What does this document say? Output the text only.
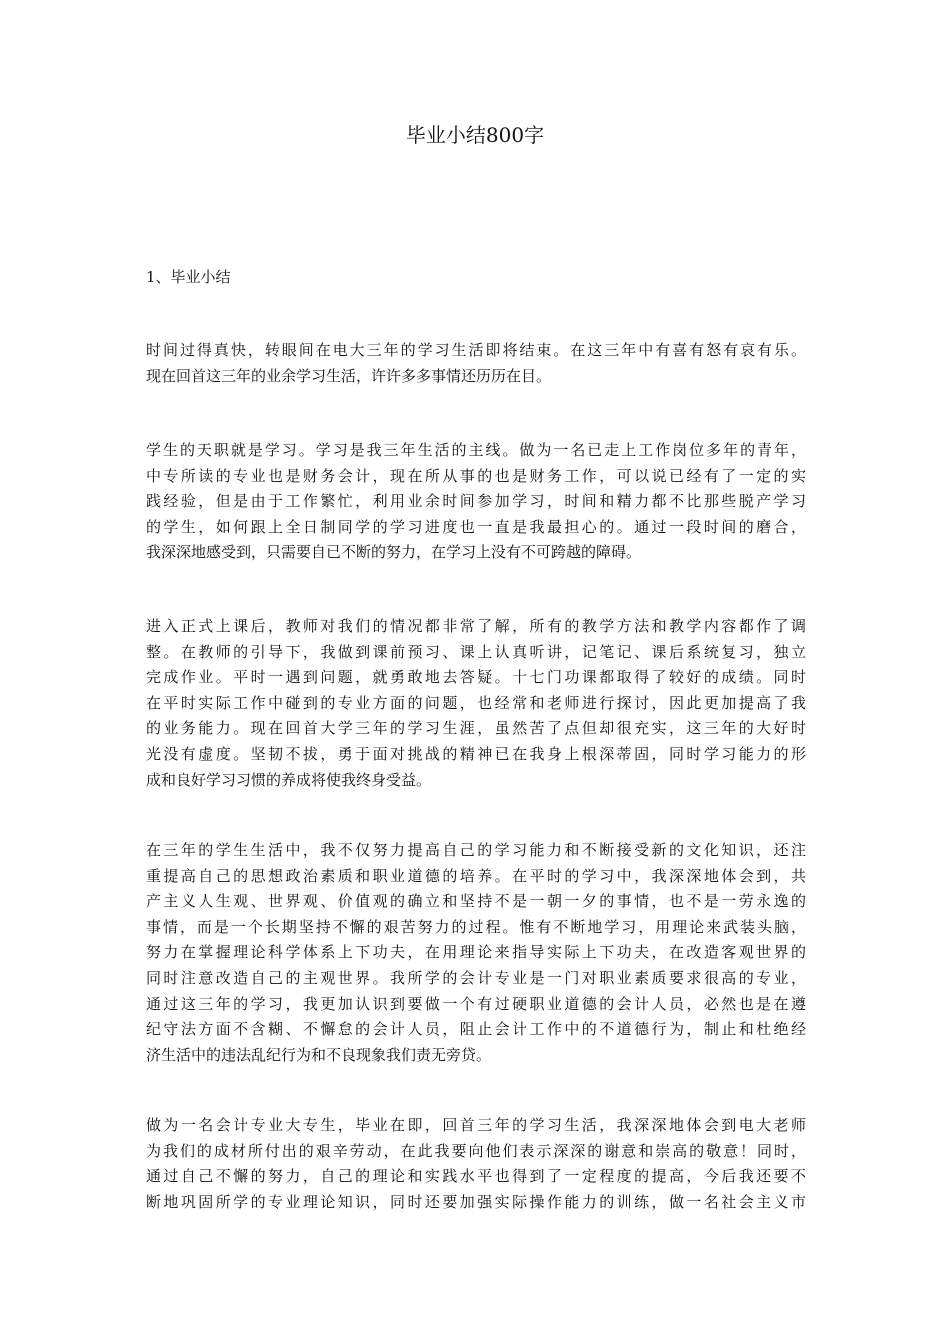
毕业小结800字
1、毕业小结
时间过得真快，转眼间在电大三年的学习生活即将结束。在这三年中有喜有怒有哀有乐。
现在回首这三年的业余学习生活，许许多多事情还历历在目。
学生的天职就是学习。学习是我三年生活的主线。做为一名已走上工作岗位多年的青年，
中专所读的专业也是财务会计，现在所从事的也是财务工作，可以说已经有了一定的实
践经验，但是由于工作繁忙，利用业余时间参加学习，时间和精力都不比那些脱产学习
的学生，如何跟上全日制同学的学习进度也一直是我最担心的。通过一段时间的磨合，
我深深地感受到，只需要自已不断的努力，在学习上没有不可跨越的障碍。
进入正式上课后，教师对我们的情况都非常了解，所有的教学方法和教学内容都作了调
整。在教师的引导下，我做到课前预习、课上认真听讲，记笔记、课后系统复习，独立
完成作业。平时一遇到问题，就勇敢地去答疑。十七门功课都取得了较好的成绩。同时
在平时实际工作中碰到的专业方面的问题，也经常和老师进行探讨，因此更加提高了我
的业务能力。现在回首大学三年的学习生涯，虽然苦了点但却很充实，这三年的大好时
光没有虚度。坚韧不拔，勇于面对挑战的精神已在我身上根深蒂固，同时学习能力的形
成和良好学习习惯的养成将使我终身受益。
在三年的学生生活中，我不仅努力提高自己的学习能力和不断接受新的文化知识，还注
重提高自己的思想政治素质和职业道德的培养。在平时的学习中，我深深地体会到，共
产主义人生观、世界观、价值观的确立和坚持不是一朝一夕的事情，也不是一劳永逸的
事情，而是一个长期坚持不懈的艰苦努力的过程。惟有不断地学习，用理论来武装头脑，
努力在掌握理论科学体系上下功夫，在用理论来指导实际上下功夫，在改造客观世界的
同时注意改造自己的主观世界。我所学的会计专业是一门对职业素质要求很高的专业，
通过这三年的学习，我更加认识到要做一个有过硬职业道德的会计人员，必然也是在遵
纪守法方面不含糊、不懈怠的会计人员，阻止会计工作中的不道德行为，制止和杜绝经
济生活中的违法乱纪行为和不良现象我们责无旁贷。
做为一名会计专业大专生，毕业在即，回首三年的学习生活，我深深地体会到电大老师
为我们的成材所付出的艰辛劳动，在此我要向他们表示深深的谢意和崇高的敬意！同时，
通过自己不懈的努力，自己的理论和实践水平也得到了一定程度的提高，今后我还要不
断地巩固所学的专业理论知识，同时还要加强实际操作能力的训练，做一名社会主义市
